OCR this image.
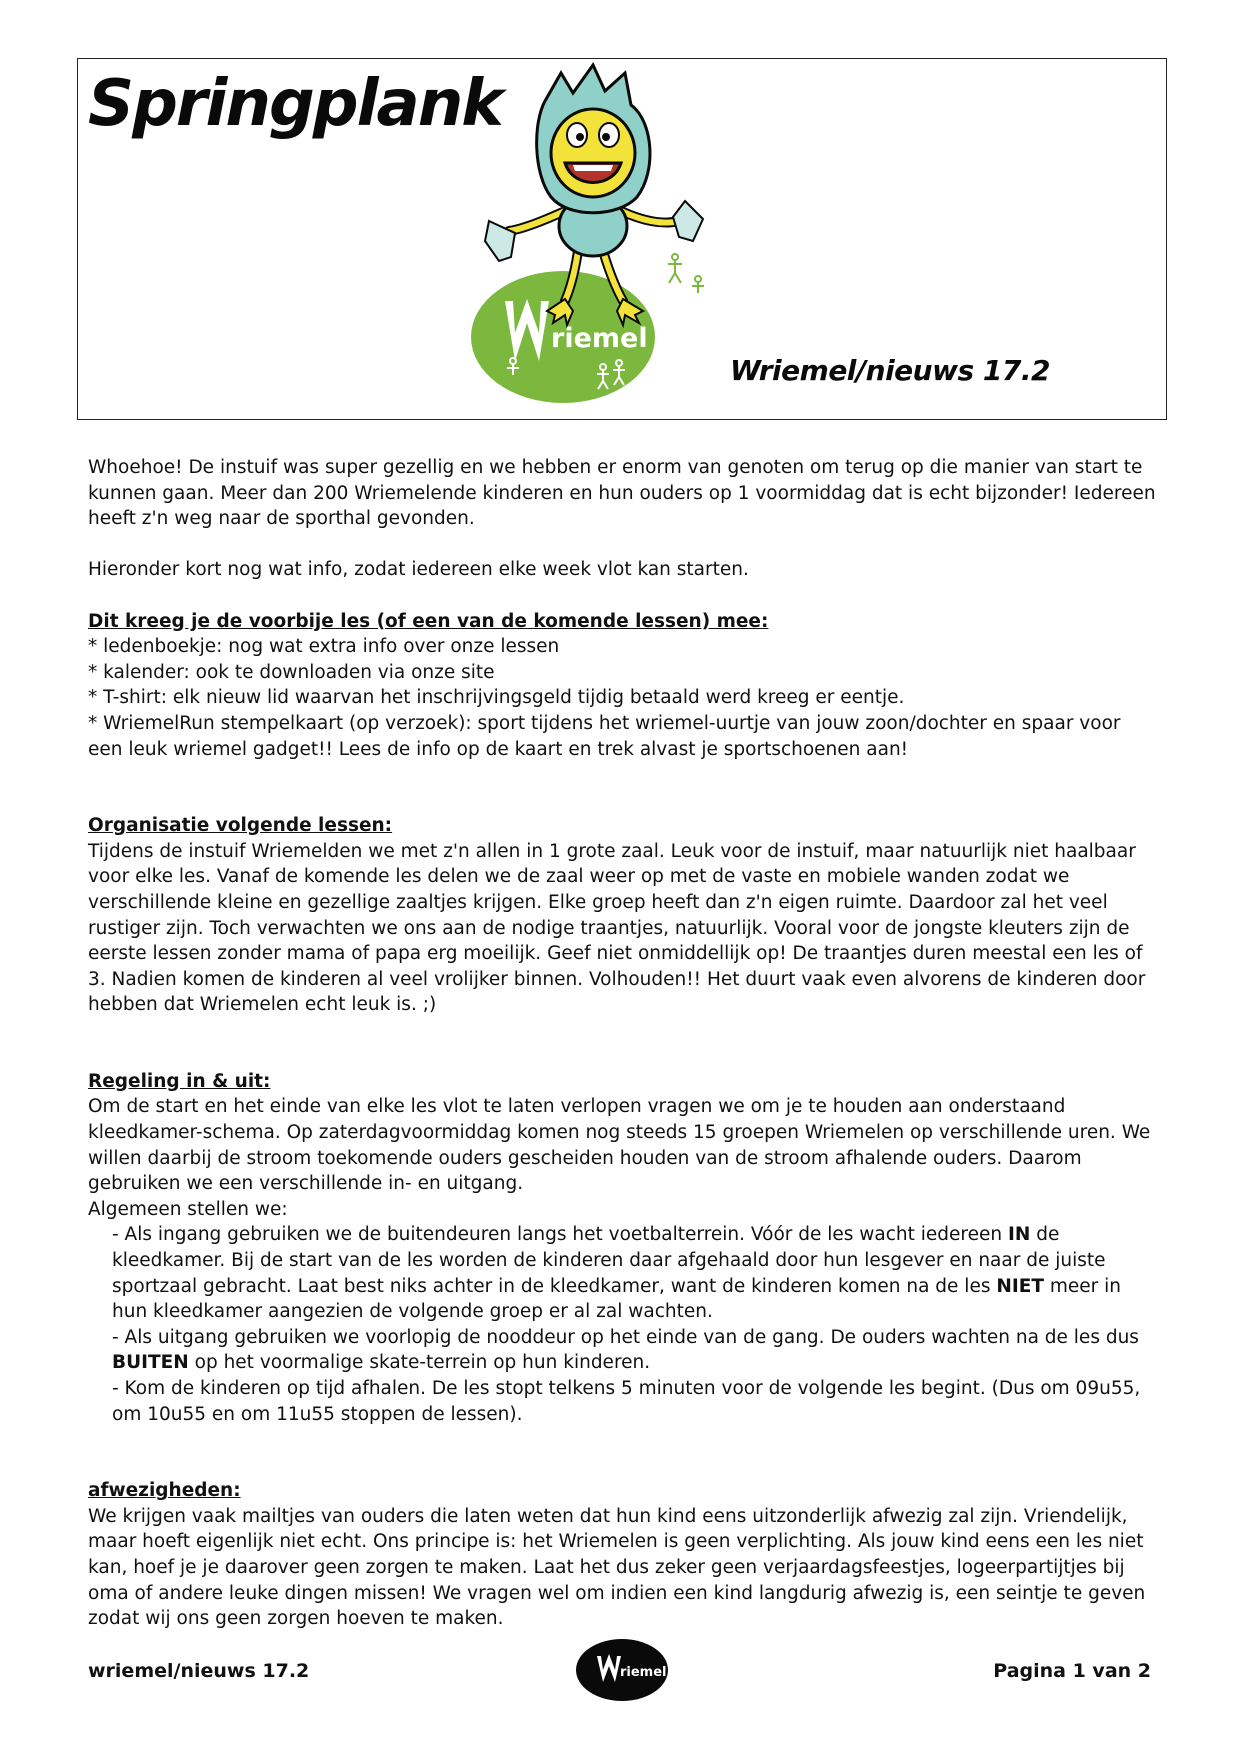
Springplank
riemel
Wriemel/nieuws 17.2

Whoehoe! De instuif was super gezellig en we hebben er enorm van genoten om terug op die manier van start te kunnen gaan. Meer dan 200 Wriemelende kinderen en hun ouders op 1 voormiddag dat is echt bijzonder! Iedereen heeft z'n weg naar de sporthal gevonden.

Hieronder kort nog wat info, zodat iedereen elke week vlot kan starten.

Dit kreeg je de voorbije les (of een van de komende lessen) mee:

* ledenboekje: nog wat extra info over onze lessen

* kalender: ook te downloaden via onze site

* T-shirt: elk nieuw lid waarvan het inschrijvingsgeld tijdig betaald werd kreeg er eentje.

* WriemelRun stempelkaart (op verzoek): sport tijdens het wriemel-uurtje van jouw zoon/dochter en spaar voor een leuk wriemel gadget!! Lees de info op de kaart en trek alvast je sportschoenen aan!

Organisatie volgende lessen:

Tijdens de instuif Wriemelden we met z'n allen in 1 grote zaal. Leuk voor de instuif, maar natuurlijk niet haalbaar voor elke les. Vanaf de komende les delen we de zaal weer op met de vaste en mobiele wanden zodat we verschillende kleine en gezellige zaaltjes krijgen. Elke groep heeft dan z'n eigen ruimte. Daardoor zal het veel rustiger zijn. Toch verwachten we ons aan de nodige traantjes, natuurlijk. Vooral voor de jongste kleuters zijn de eerste lessen zonder mama of papa erg moeilijk. Geef niet onmiddellijk op! De traantjes duren meestal een les of 3. Nadien komen de kinderen al veel vrolijker binnen. Volhouden!! Het duurt vaak even alvorens de kinderen door hebben dat Wriemelen echt leuk is. ;)

Regeling in & uit:

Om de start en het einde van elke les vlot te laten verlopen vragen we om je te houden aan onderstaand kleedkamer-schema. Op zaterdagvoormiddag komen nog steeds 15 groepen Wriemelen op verschillende uren. We willen daarbij de stroom toekomende ouders gescheiden houden van de stroom afhalende ouders. Daarom gebruiken we een verschillende in- en uitgang.

Algemeen stellen we:

- Als ingang gebruiken we de buitendeuren langs het voetbalterrein. Vóór de les wacht iedereen IN de kleedkamer. Bij de start van de les worden de kinderen daar afgehaald door hun lesgever en naar de juiste sportzaal gebracht. Laat best niks achter in de kleedkamer, want de kinderen komen na de les NIET meer in hun kleedkamer aangezien de volgende groep er al zal wachten.

- Als uitgang gebruiken we voorlopig de nooddeur op het einde van de gang. De ouders wachten na de les dus BUITEN op het voormalige skate-terrein op hun kinderen.

- Kom de kinderen op tijd afhalen. De les stopt telkens 5 minuten voor de volgende les begint. (Dus om 09u55, om 10u55 en om 11u55 stoppen de lessen).

afwezigheden:

We krijgen vaak mailtjes van ouders die laten weten dat hun kind eens uitzonderlijk afwezig zal zijn. Vriendelijk, maar hoeft eigenlijk niet echt. Ons principe is: het Wriemelen is geen verplichting. Als jouw kind eens een les niet kan, hoef je je daarover geen zorgen te maken. Laat het dus zeker geen verjaardagsfeestjes, logeerpartijtjes bij oma of andere leuke dingen missen! We vragen wel om indien een kind langdurig afwezig is, een seintje te geven zodat wij ons geen zorgen hoeven te maken.

wriemel/nieuws 17.2	riemel	Pagina 1 van 2
